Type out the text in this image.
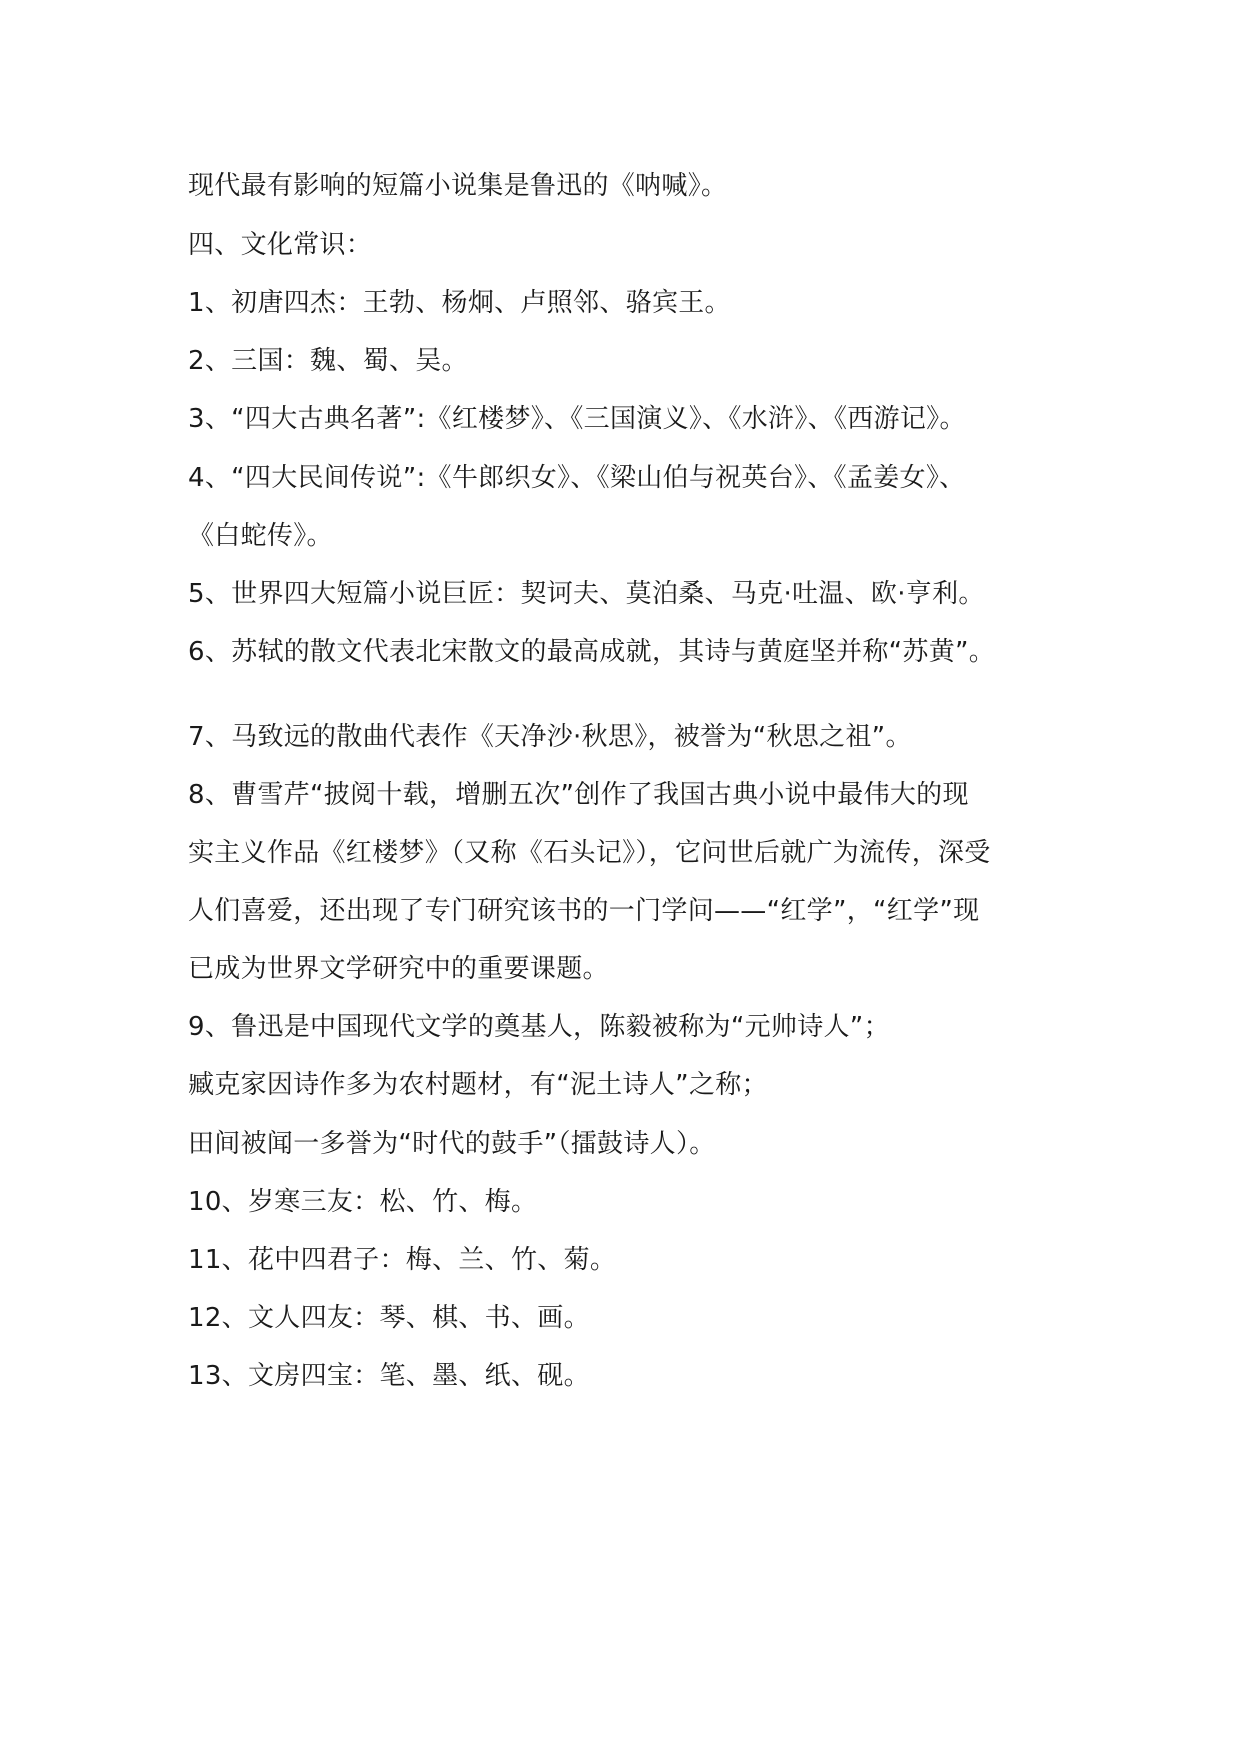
现代最有影响的短篇小说集是鲁迅的《呐喊》。

四、文化常识：

1、初唐四杰：王勃、杨炯、卢照邻、骆宾王。

2、三国：魏、蜀、吴。

3、“四大古典名著”:《红楼梦》、《三国演义》、《水浒》、《西游记》。

4、“四大民间传说”:《牛郎织女》、《梁山伯与祝英台》、《孟姜女》、

《白蛇传》。

5、世界四大短篇小说巨匠：契诃夫、莫泊桑、马克·吐温、欧·亨利。

6、苏轼的散文代表北宋散文的最高成就，其诗与黄庭坚并称“苏黄”。

7、马致远的散曲代表作《天净沙·秋思》，被誉为“秋思之祖”。

8、曹雪芹“披阅十载，增删五次”创作了我国古典小说中最伟大的现

实主义作品《红楼梦》（又称《石头记》），它问世后就广为流传，深受

人们喜爱，还出现了专门研究该书的一门学问——“红学”，“红学”现

已成为世界文学研究中的重要课题。

9、鲁迅是中国现代文学的奠基人，陈毅被称为“元帅诗人”；

臧克家因诗作多为农村题材，有“泥土诗人”之称；

田间被闻一多誉为“时代的鼓手”（擂鼓诗人）。

10、岁寒三友：松、竹、梅。

11、花中四君子：梅、兰、竹、菊。

12、文人四友：琴、棋、书、画。

13、文房四宝：笔、墨、纸、砚。
